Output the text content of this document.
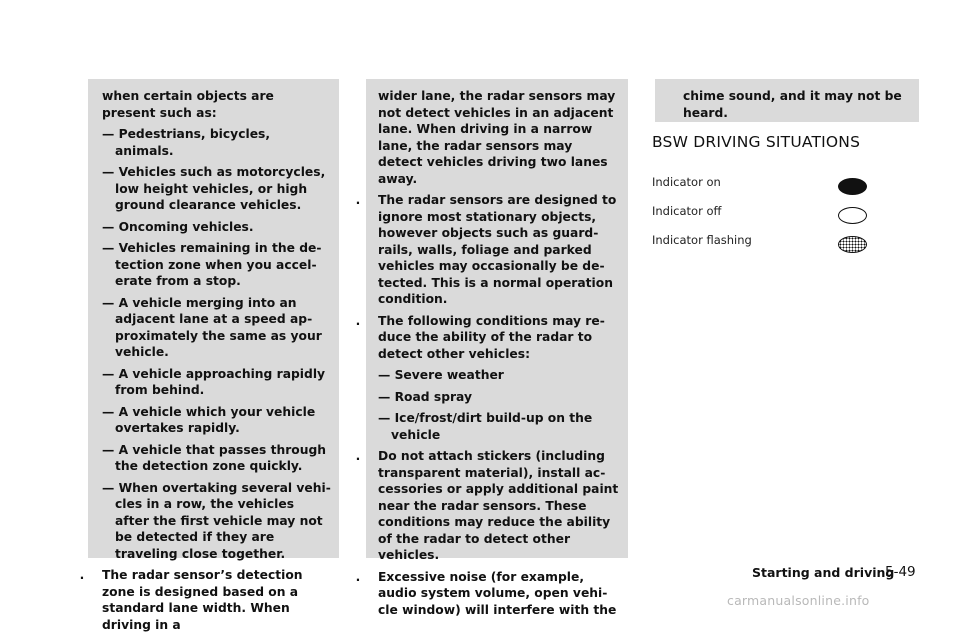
when certain objects are present such as:

— Pedestrians, bicycles, animals.

— Vehicles such as motorcycles, low height vehicles, or high ground clearance vehicles.

— Oncoming vehicles.

— Vehicles remaining in the detection zone when you accelerate from a stop.

— A vehicle merging into an adjacent lane at a speed approximately the same as your vehicle.

— A vehicle approaching rapidly from behind.

— A vehicle which your vehicle overtakes rapidly.

— A vehicle that passes through the detection zone quickly.

— When overtaking several vehicles in a row, the vehicles after the first vehicle may not be detected if they are traveling close together.

. The radar sensor’s detection zone is designed based on a standard lane width. When driving in a

wider lane, the radar sensors may not detect vehicles in an adjacent lane. When driving in a narrow lane, the radar sensors may detect vehicles driving two lanes away.

. The radar sensors are designed to ignore most stationary objects, however objects such as guardrails, walls, foliage and parked vehicles may occasionally be detected. This is a normal operation condition.
. The following conditions may reduce the ability of the radar to detect other vehicles:

— Severe weather

— Road spray

— Ice/frost/dirt build-up on the vehicle

. Do not attach stickers (including transparent material), install accessories or apply additional paint near the radar sensors. These conditions may reduce the ability of the radar to detect other vehicles.
. Excessive noise (for example, audio system volume, open vehicle window) will interfere with the

chime sound, and it may not be heard.

BSW DRIVING SITUATIONS
Indicator on
Indicator off
Indicator flashing
Starting and driving
5-49
carmanualsonline.info
